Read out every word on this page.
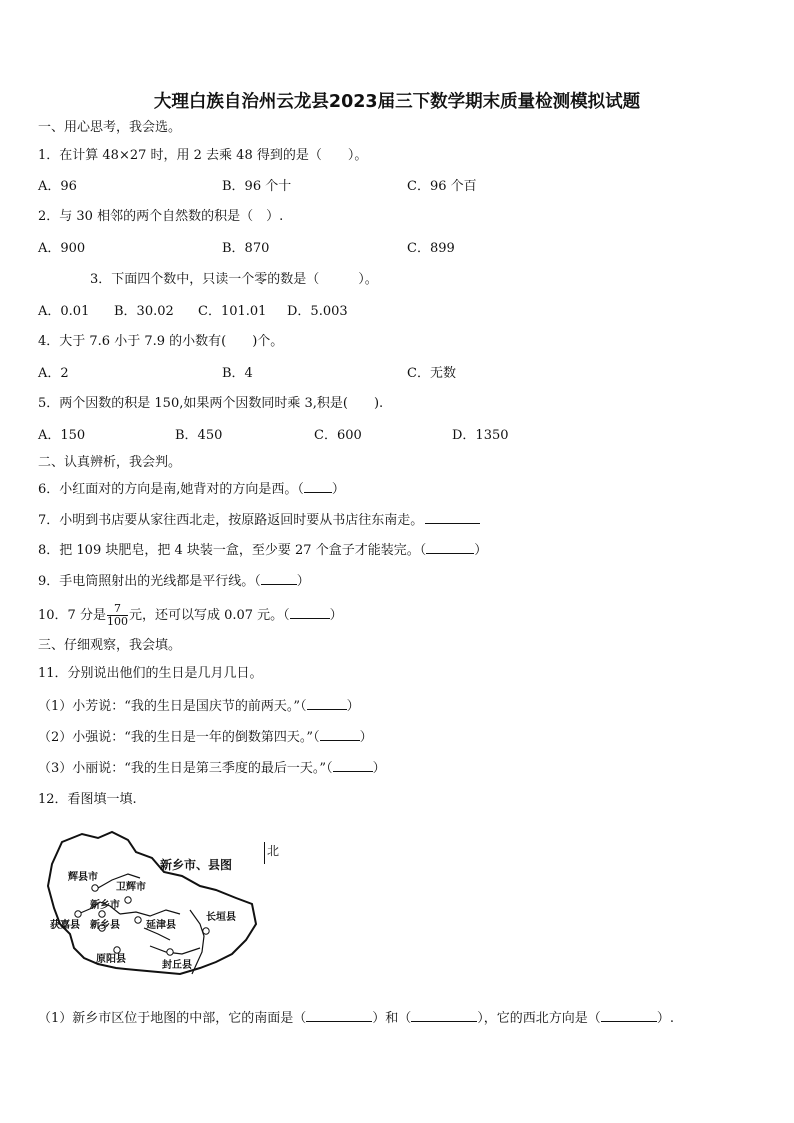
大理白族自治州云龙县2023届三下数学期末质量检测模拟试题
一、用心思考，我会选。
1．在计算 48×27 时，用 2 去乘 48 得到的是（　　）。
A．96	B．96 个十	C．96 个百
2．与 30 相邻的两个自然数的积是（　）.
A．900	B．870	C．899
3．下面四个数中，只读一个零的数是（　　　）。
A．0.01 B．30.02 C．101.01 D．5.003
4．大于 7.6 小于 7.9 的小数有(　　)个。
A．2	B．4	C．无数
5．两个因数的积是 150,如果两个因数同时乘 3,积是(　　).
A．150	B．450	C．600	D．1350
二、认真辨析，我会判。
6．小红面对的方向是南,她背对的方向是西。（ ）
7．小明到书店要从家往西北走，按原路返回时要从书店往东南走。
8．把 109 块肥皂，把 4 块装一盒，至少要 27 个盒子才能装完。（	）
9．手电筒照射出的光线都是平行线。（	）
10．7 分是 $\frac{7}{100}$ 元，还可以写成 0.07 元。（	）
三、仔细观察，我会填。
11．分别说出他们的生日是几月几日。
（1）小芳说：“我的生日是国庆节的前两天。”（	）
（2）小强说：“我的生日是一年的倒数第四天。”（	）
（3）小丽说：“我的生日是第三季度的最后一天。”（	）
12．看图填一填.
新乡市、县图
辉县市
卫辉市
新乡市
获嘉县 新乡县	延津县
长垣县
原阳县
封丘县
北
（1）新乡市区位于地图的中部，它的南面是（	）和（	），它的西北方向是（	）.
